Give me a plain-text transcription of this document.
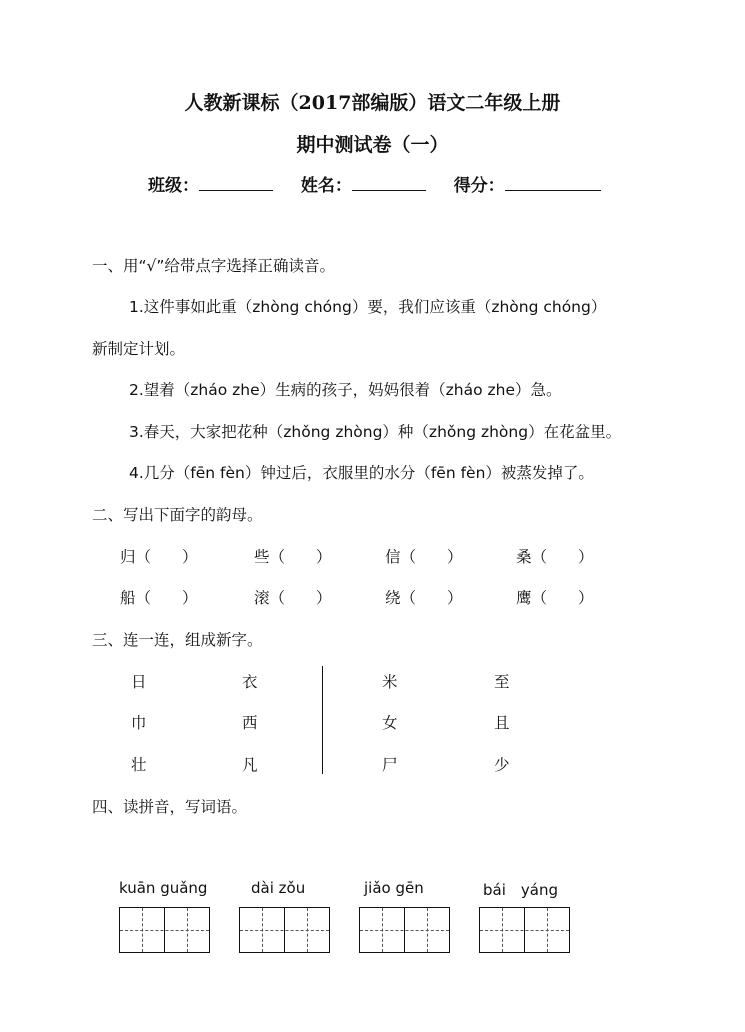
人教新课标（2017部编版）语文二年级上册
期中测试卷（一）
班级：	姓名：	得分：
一、用“√”给带点字选择正确读音。
1.这件事如此重（zhòng chóng）要，我们应该重（zhòng chóng）
新制定计划。
2.望着（zháo zhe）生病的孩子，妈妈很着（zháo zhe）急。
3.春天，大家把花种（zhǒng zhòng）种（zhǒng zhòng）在花盆里。
4.几分（fēn fèn）钟过后，衣服里的水分（fēn fèn）被蒸发掉了。
二、写出下面字的韵母。
归（　　）	些（　　）	信（　　）	桑（　　）
船（　　）	滚（　　）	绕（　　）	鹰（　　）
三、连一连，组成新字。
日	衣	米	至
巾	西	女	且
壮	凡	尸	少
四、读拼音，写词语。
kuān guǎng	dài zǒu	jiǎo gēn	bái　yáng
